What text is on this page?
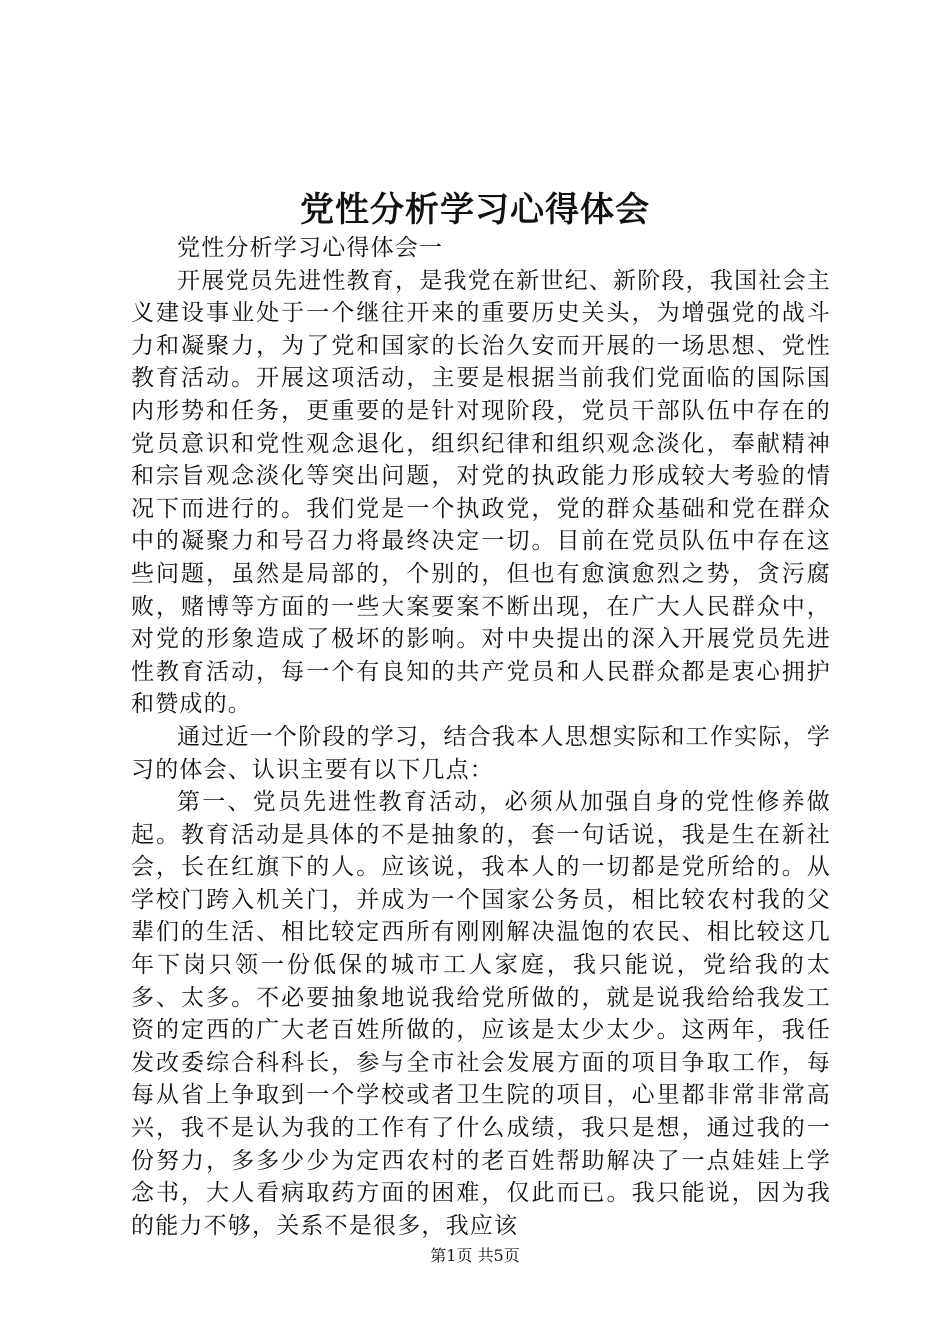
党性分析学习心得体会

党性分析学习心得体会一

开展党员先进性教育，是我党在新世纪、新阶段，我国社会主义建设事业处于一个继往开来的重要历史关头，为增强党的战斗力和凝聚力，为了党和国家的长治久安而开展的一场思想、党性教育活动。开展这项活动，主要是根据当前我们党面临的国际国内形势和任务，更重要的是针对现阶段，党员干部队伍中存在的党员意识和党性观念退化，组织纪律和组织观念淡化，奉献精神和宗旨观念淡化等突出问题，对党的执政能力形成较大考验的情况下而进行的。我们党是一个执政党，党的群众基础和党在群众中的凝聚力和号召力将最终决定一切。目前在党员队伍中存在这些问题，虽然是局部的，个别的，但也有愈演愈烈之势，贪污腐败，赌博等方面的一些大案要案不断出现，在广大人民群众中，对党的形象造成了极坏的影响。对中央提出的深入开展党员先进性教育活动，每一个有良知的共产党员和人民群众都是衷心拥护和赞成的。

通过近一个阶段的学习，结合我本人思想实际和工作实际，学习的体会、认识主要有以下几点：

第一、党员先进性教育活动，必须从加强自身的党性修养做起。教育活动是具体的不是抽象的，套一句话说，我是生在新社会，长在红旗下的人。应该说，我本人的一切都是党所给的。从学校门跨入机关门，并成为一个国家公务员，相比较农村我的父辈们的生活、相比较定西所有刚刚解决温饱的农民、相比较这几年下岗只领一份低保的城市工人家庭，我只能说，党给我的太多、太多。不必要抽象地说我给党所做的，就是说我给给我发工资的定西的广大老百姓所做的，应该是太少太少。这两年，我任发改委综合科科长，参与全市社会发展方面的项目争取工作，每每从省上争取到一个学校或者卫生院的项目，心里都非常非常高兴，我不是认为我的工作有了什么成绩，我只是想，通过我的一份努力，多多少少为定西农村的老百姓帮助解决了一点娃娃上学念书，大人看病取药方面的困难，仅此而已。我只能说，因为我的能力不够，关系不是很多，我应该

第1页 共5页
